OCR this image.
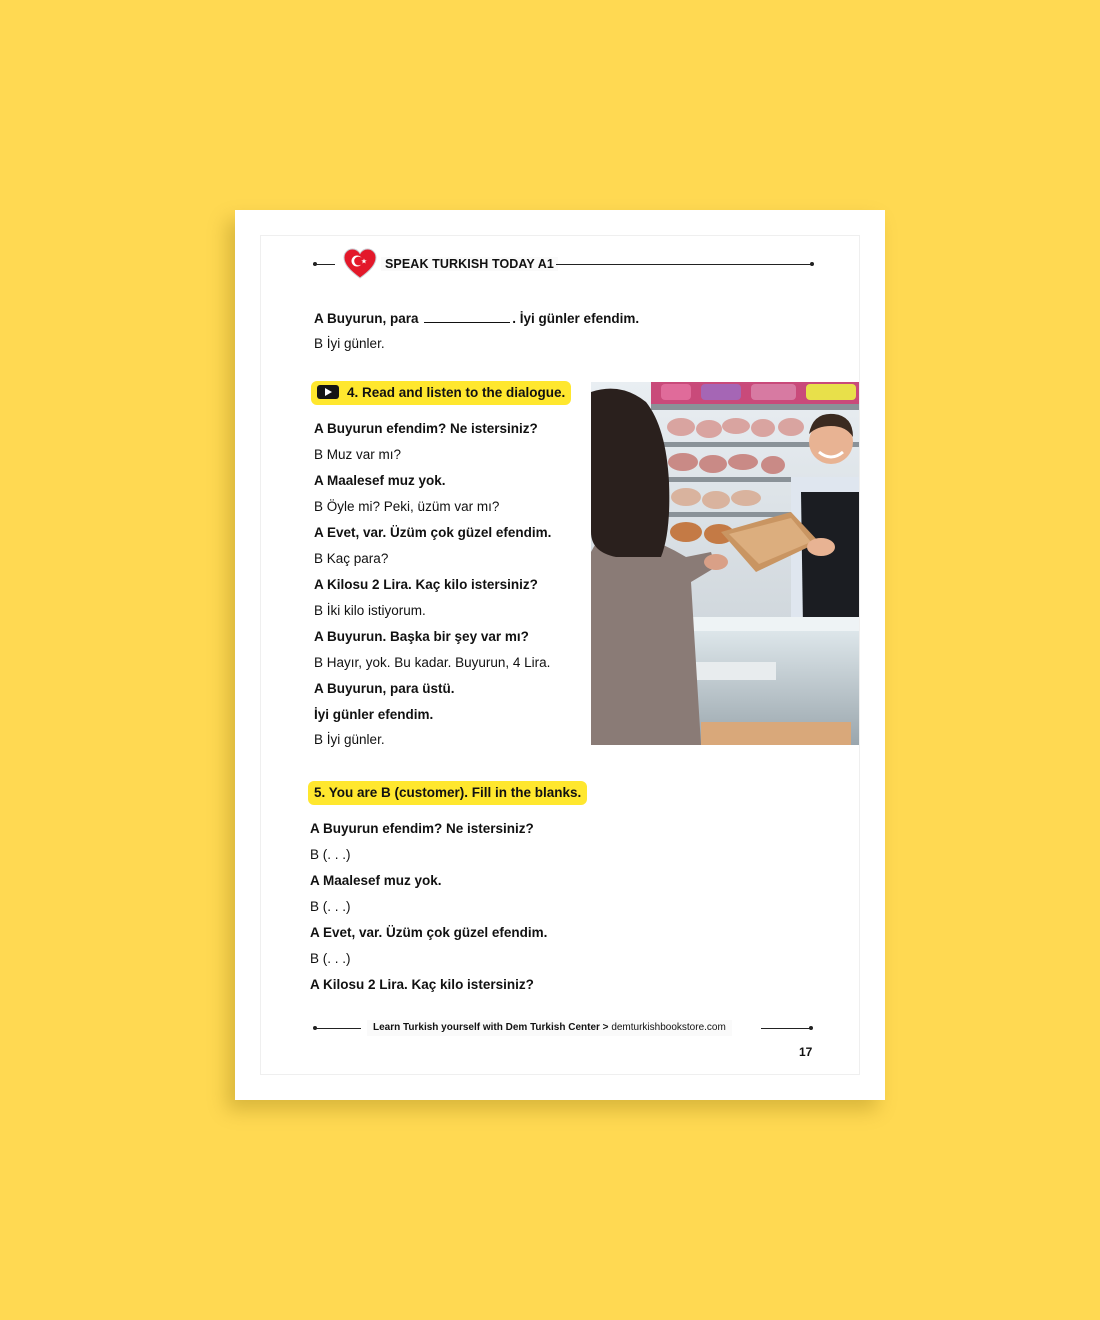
SPEAK TURKISH TODAY A1
A Buyurun, para	. İyi günler efendim.
B İyi günler.
4. Read and listen to the dialogue.
A Buyurun efendim? Ne istersiniz?
B Muz var mı?
A Maalesef muz yok.
B Öyle mi? Peki, üzüm var mı?
A Evet, var. Üzüm çok güzel efendim.
B Kaç para?
A Kilosu 2 Lira. Kaç kilo istersiniz?
B İki kilo istiyorum.
A Buyurun. Başka bir şey var mı?
B Hayır, yok. Bu kadar. Buyurun, 4 Lira.
A Buyurun, para üstü.
İyi günler efendim.
B İyi günler.
5. You are B (customer). Fill in the blanks.
A Buyurun efendim? Ne istersiniz?
B (. . .)
A Maalesef muz yok.
B (. . .)
A Evet, var. Üzüm çok güzel efendim.
B (. . .)
A Kilosu 2 Lira. Kaç kilo istersiniz?
Learn Turkish yourself with Dem Turkish Center > demturkishbookstore.com
17
